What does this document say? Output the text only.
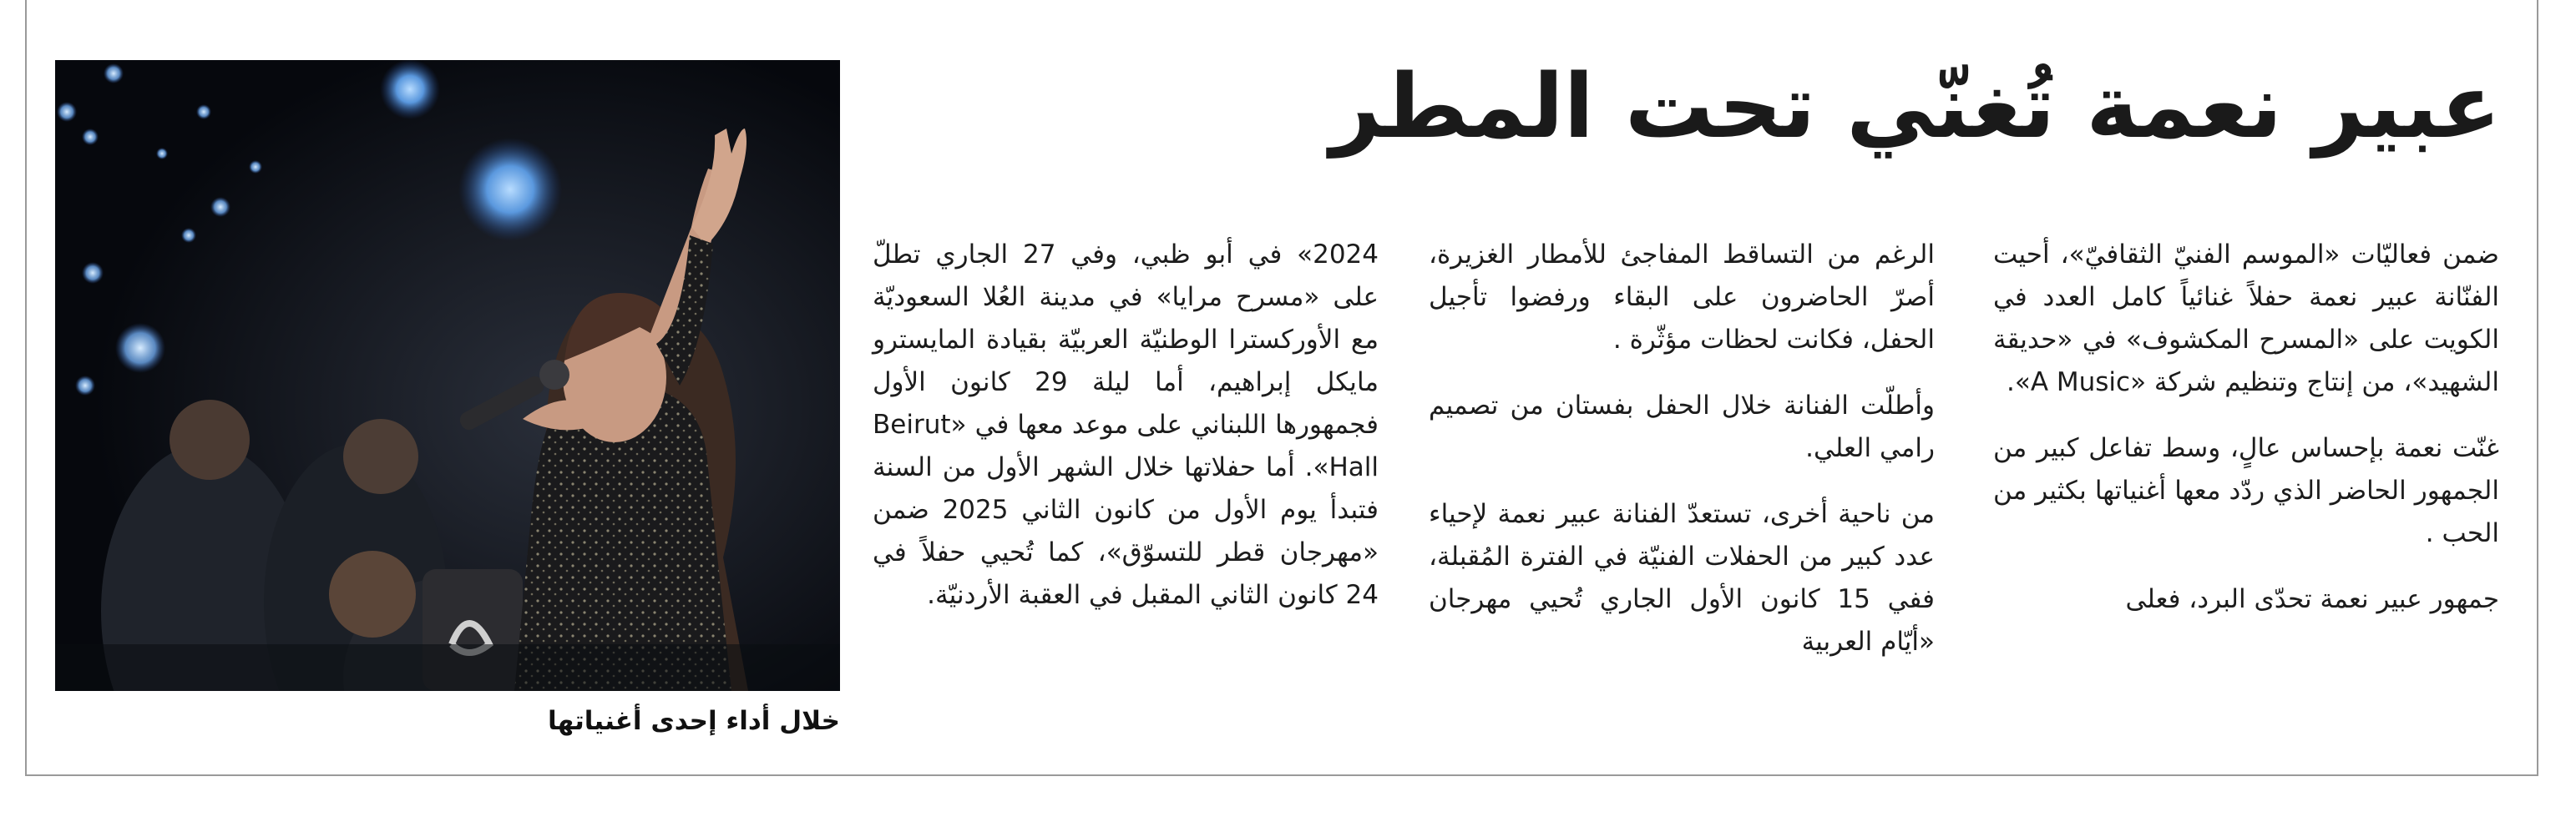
عبير نعمة تُغنّي تحت المطر

ضمن فعاليّات «الموسم الفنيّ الثقافيّ»، أحيت الفنّانة عبير نعمة حفلاً غنائياً كامل العدد في الكويت على «المسرح المكشوف» في «حديقة الشهيد»، من إنتاج وتنظيم شركة «A Music».

غنّت نعمة بإحساس عالٍ، وسط تفاعل كبير من الجمهور الحاضر الذي ردّد معها أغنياتها بكثير من الحب .

جمهور عبير نعمة تحدّى البرد، فعلى

الرغم من التساقط المفاجئ للأمطار الغزيرة، أصرّ الحاضرون على البقاء ورفضوا تأجيل الحفل، فكانت لحظات مؤثّرة .

وأطلّت الفنانة خلال الحفل بفستان من تصميم رامي العلي.

من ناحية أخرى، تستعدّ الفنانة عبير نعمة لإحياء عدد كبير من الحفلات الفنيّة في الفترة المُقبلة، ففي 15 كانون الأول الجاري تُحيي مهرجان «أيّام العربية

2024» في أبو ظبي، وفي 27 الجاري تطلّ على «مسرح مرايا» في مدينة العُلا السعوديّة مع الأوركسترا الوطنيّة العربيّة بقيادة المايسترو مايكل إبراهيم، أما ليلة 29 كانون الأول فجمهورها اللبناني على موعد معها في «Beirut Hall». أما حفلاتها خلال الشهر الأول من السنة فتبدأ يوم الأول من كانون الثاني 2025 ضمن «مهرجان قطر للتسوّق»، كما تُحيي حفلاً في 24 كانون الثاني المقبل في العقبة الأردنيّة.

خلال أداء إحدى أغنياتها
